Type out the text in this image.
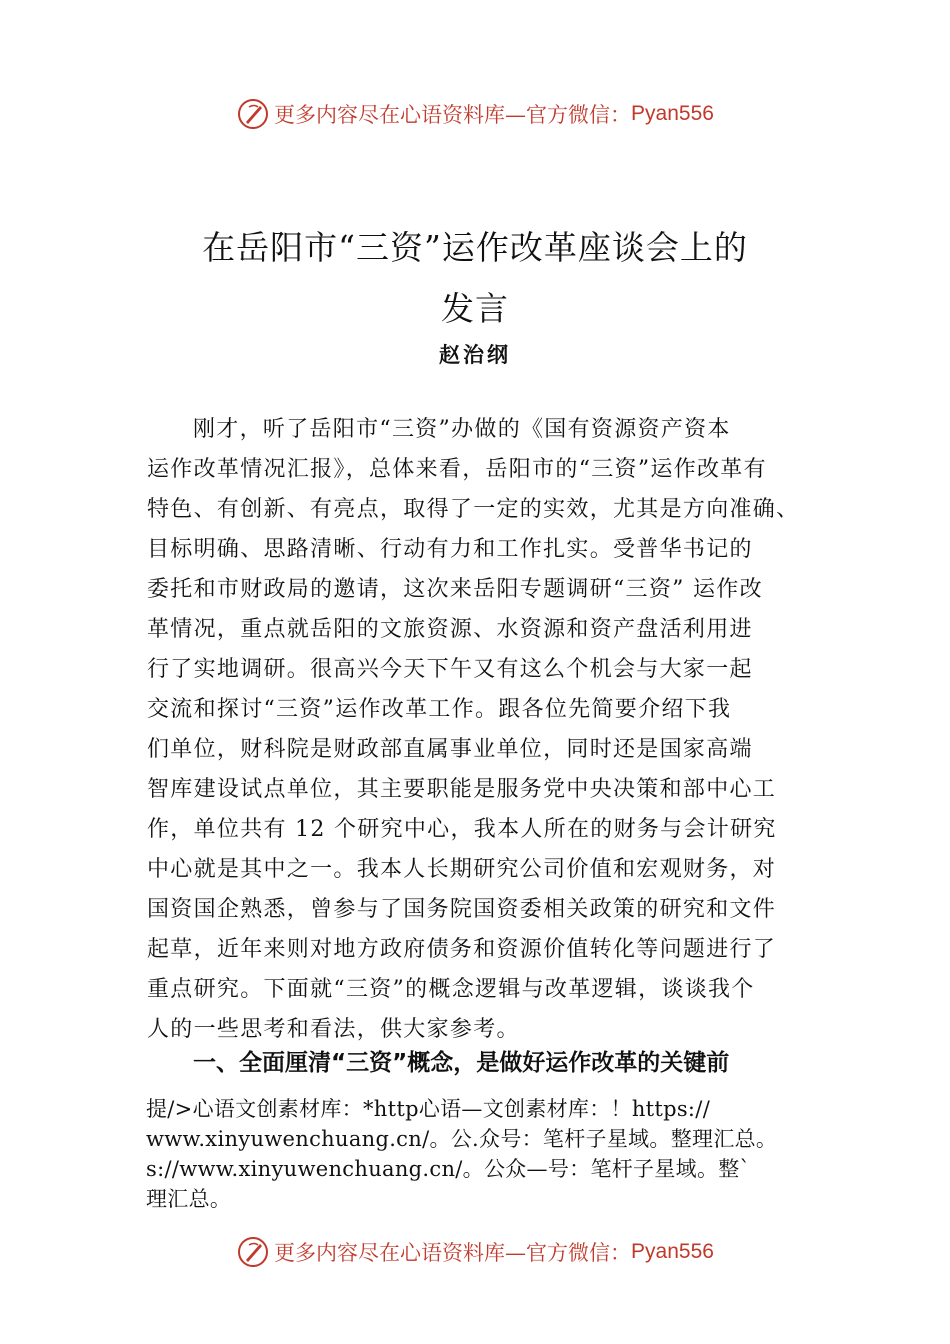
更多内容尽在心语资料库 —官方微信： Pyan556
在岳阳市“三资”运作改革座谈会上的
发言
赵治纲
刚才，听了岳阳市“三资”办做的《国有资源资产资本
运作改革情况汇报》，总体来看，岳阳市的“三资”运作改革有
特色、有创新、有亮点，取得了一定的实效，尤其是方向准确、
目标明确、思路清晰、行动有力和工作扎实。受普华书记的
委托和市财政局的邀请，这次来岳阳专题调研“三资” 运作改
革情况，重点就岳阳的文旅资源、水资源和资产盘活利用进
行了实地调研。很高兴今天下午又有这么个机会与大家一起
交流和探讨“三资”运作改革工作。跟各位先简要介绍下我
们单位，财科院是财政部直属事业单位，同时还是国家高端
智库建设试点单位，其主要职能是服务党中央决策和部中心工
作，单位共有 12 个研究中心，我本人所在的财务与会计研究
中心就是其中之一。我本人长期研究公司价值和宏观财务，对
国资国企熟悉，曾参与了国务院国资委相关政策的研究和文件
起草，近年来则对地方政府债务和资源价值转化等问题进行了
重点研究。下面就“三资”的概念逻辑与改革逻辑，谈谈我个
人的一些思考和看法，供大家参考。
一、全面厘清“三资”概念，是做好运作改革的关键前
提/>心语文创素材库：*http心语—文创素材库：！https://
www.xinyuwenchuang.cn/。公.众号：笔杆子星域。整理汇总。
s://www.xinyuwenchuang.cn/。公众—号：笔杆子星域。整`
理汇总。
更多内容尽在心语资料库 —官方微信： Pyan556
